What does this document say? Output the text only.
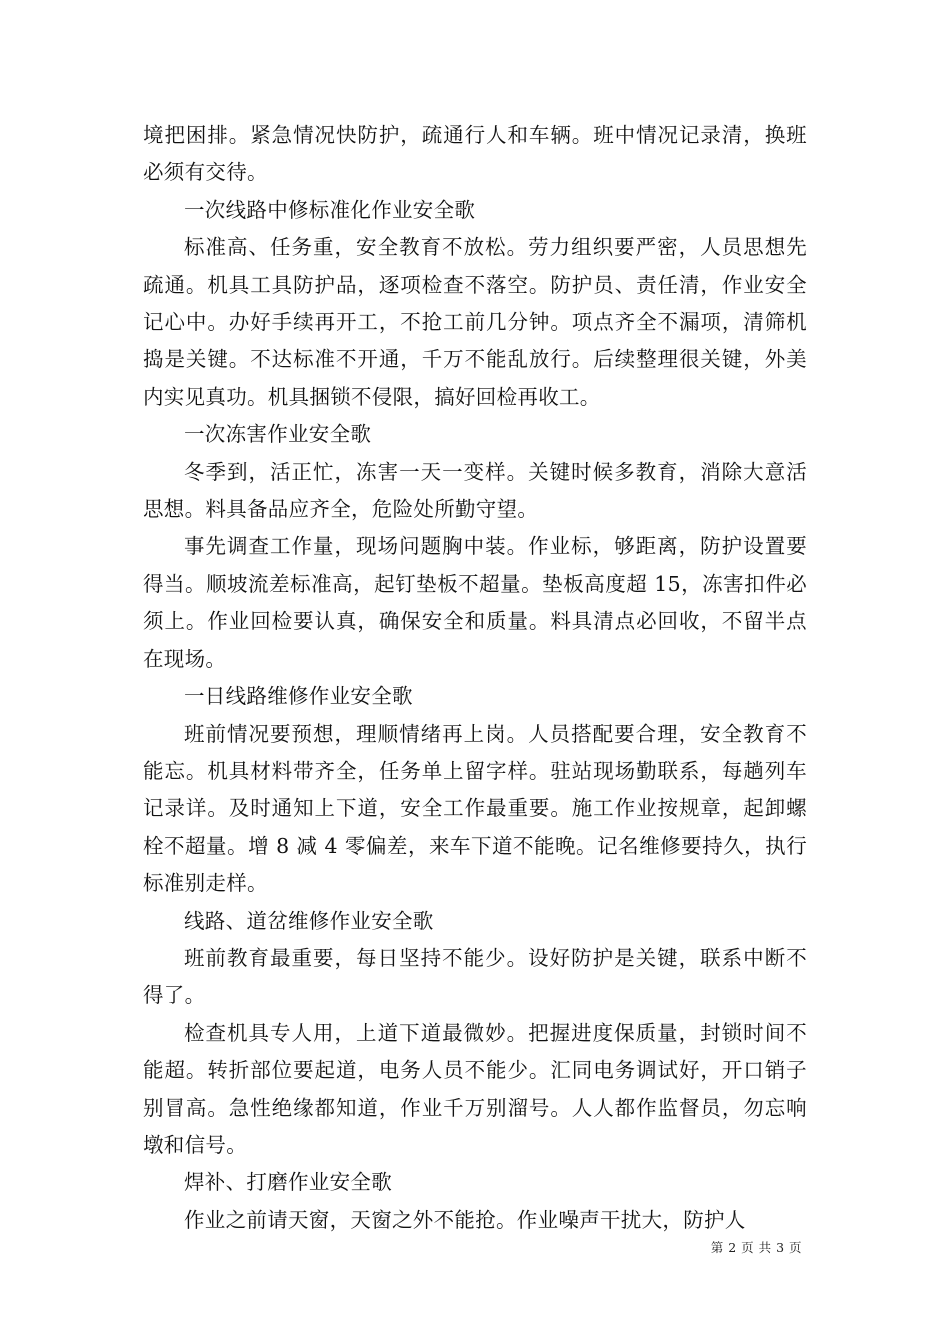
境把困排。紧急情况快防护，疏通行人和车辆。班中情况记录清，换班必须有交待。

一次线路中修标准化作业安全歌

标准高、任务重，安全教育不放松。劳力组织要严密，人员思想先疏通。机具工具防护品，逐项检查不落空。防护员、责任清，作业安全记心中。办好手续再开工，不抢工前几分钟。项点齐全不漏项，清筛机捣是关键。不达标准不开通，千万不能乱放行。后续整理很关键，外美内实见真功。机具捆锁不侵限，搞好回检再收工。

一次冻害作业安全歌

冬季到，活正忙，冻害一天一变样。关键时候多教育，消除大意活思想。料具备品应齐全，危险处所勤守望。

事先调查工作量，现场问题胸中装。作业标，够距离，防护设置要得当。顺坡流差标准高，起钉垫板不超量。垫板高度超 15，冻害扣件必须上。作业回检要认真，确保安全和质量。料具清点必回收，不留半点在现场。

一日线路维修作业安全歌

班前情况要预想，理顺情绪再上岗。人员搭配要合理，安全教育不能忘。机具材料带齐全，任务单上留字样。驻站现场勤联系，每趟列车记录详。及时通知上下道，安全工作最重要。施工作业按规章，起卸螺栓不超量。增 8 减 4 零偏差，来车下道不能晚。记名维修要持久，执行标准别走样。

线路、道岔维修作业安全歌

班前教育最重要，每日坚持不能少。设好防护是关键，联系中断不得了。

检查机具专人用，上道下道最微妙。把握进度保质量，封锁时间不能超。转折部位要起道，电务人员不能少。汇同电务调试好，开口销子别冒高。急性绝缘都知道，作业千万别溜号。人人都作监督员，勿忘响墩和信号。

焊补、打磨作业安全歌

作业之前请天窗，天窗之外不能抢。作业噪声干扰大，防护人

第 2 页 共 3 页
